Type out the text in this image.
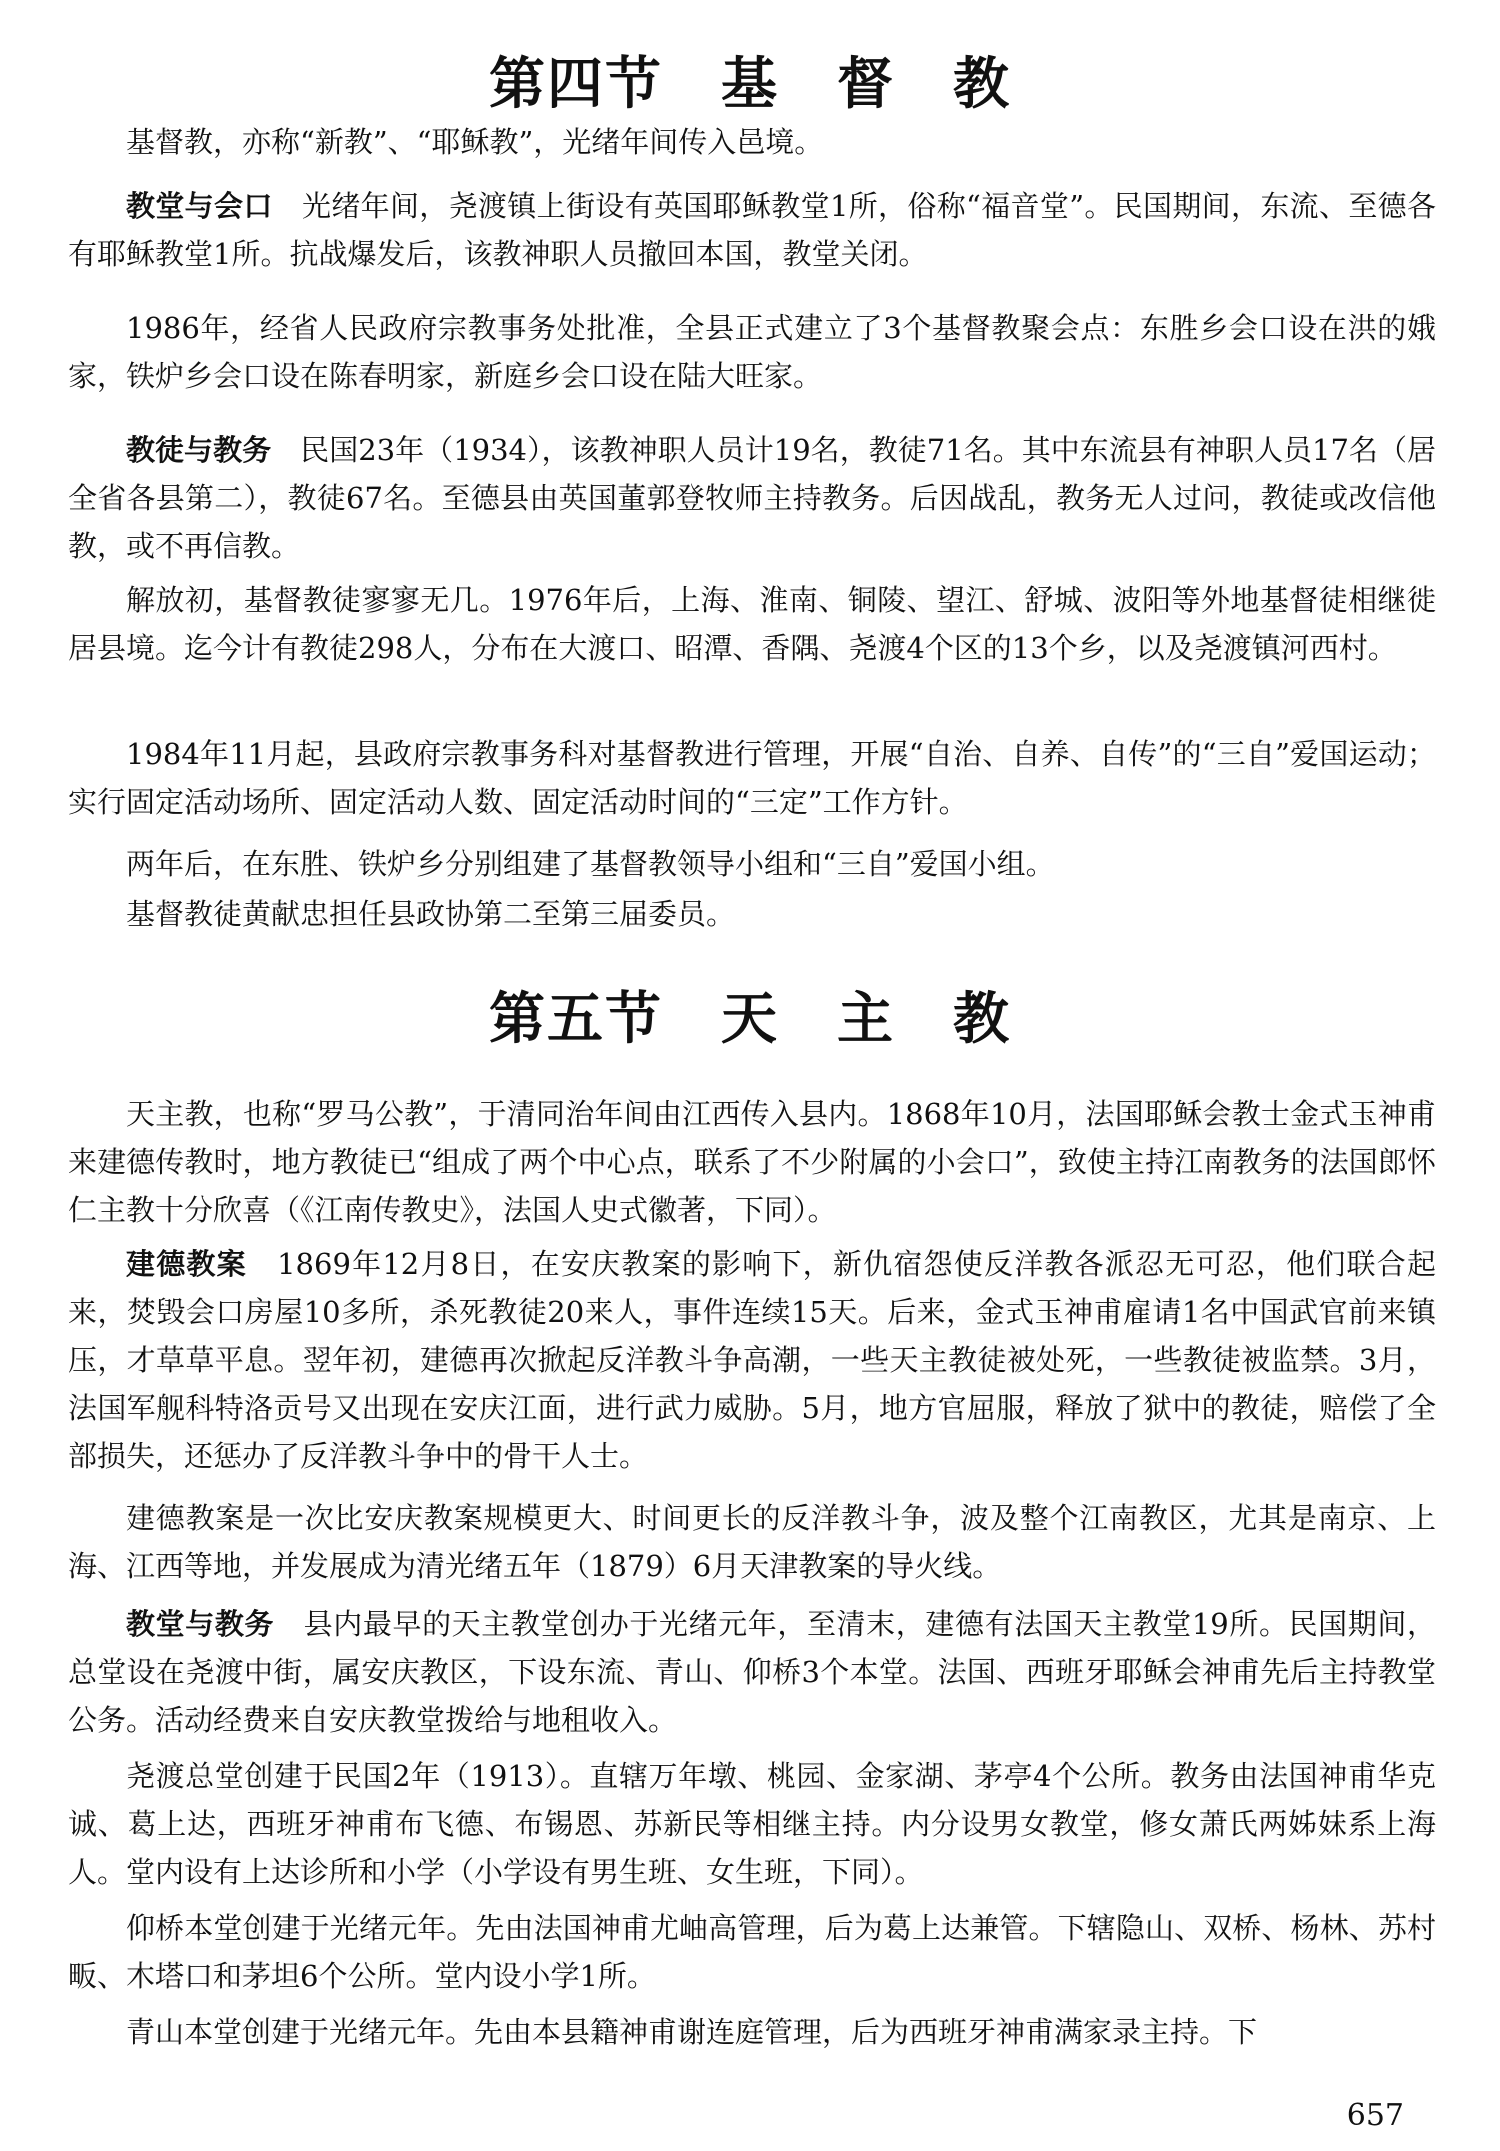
第四节　基　督　教

基督教，亦称“新教”、“耶稣教”，光绪年间传入邑境。

教堂与会口　光绪年间，尧渡镇上街设有英国耶稣教堂1所，俗称“福音堂”。民国期间，东流、至德各有耶稣教堂1所。抗战爆发后，该教神职人员撤回本国，教堂关闭。

1986年，经省人民政府宗教事务处批准，全县正式建立了3个基督教聚会点：东胜乡会口设在洪的娥家，铁炉乡会口设在陈春明家，新庭乡会口设在陆大旺家。

教徒与教务　民国23年（1934），该教神职人员计19名，教徒71名。其中东流县有神职人员17名（居全省各县第二），教徒67名。至德县由英国董郭登牧师主持教务。后因战乱，教务无人过问，教徒或改信他教，或不再信教。

解放初，基督教徒寥寥无几。1976年后，上海、淮南、铜陵、望江、舒城、波阳等外地基督徒相继徙居县境。迄今计有教徒298人，分布在大渡口、昭潭、香隅、尧渡4个区的13个乡，以及尧渡镇河西村。

1984年11月起，县政府宗教事务科对基督教进行管理，开展“自治、自养、自传”的“三自”爱国运动；实行固定活动场所、固定活动人数、固定活动时间的“三定”工作方针。

两年后，在东胜、铁炉乡分别组建了基督教领导小组和“三自”爱国小组。

基督教徒黄献忠担任县政协第二至第三届委员。

第五节　天　主　教

天主教，也称“罗马公教”，于清同治年间由江西传入县内。1868年10月，法国耶稣会教士金式玉神甫来建德传教时，地方教徒已“组成了两个中心点，联系了不少附属的小会口”，致使主持江南教务的法国郎怀仁主教十分欣喜（《江南传教史》，法国人史式徽著，下同）。

建德教案　1869年12月8日，在安庆教案的影响下，新仇宿怨使反洋教各派忍无可忍，他们联合起来，焚毁会口房屋10多所，杀死教徒20来人，事件连续15天。后来，金式玉神甫雇请1名中国武官前来镇压，才草草平息。翌年初，建德再次掀起反洋教斗争高潮，一些天主教徒被处死，一些教徒被监禁。3月，法国军舰科特洛贡号又出现在安庆江面，进行武力威胁。5月，地方官屈服，释放了狱中的教徒，赔偿了全部损失，还惩办了反洋教斗争中的骨干人士。

建德教案是一次比安庆教案规模更大、时间更长的反洋教斗争，波及整个江南教区，尤其是南京、上海、江西等地，并发展成为清光绪五年（1879）6月天津教案的导火线。

教堂与教务　县内最早的天主教堂创办于光绪元年，至清末，建德有法国天主教堂19所。民国期间，总堂设在尧渡中街，属安庆教区，下设东流、青山、仰桥3个本堂。法国、西班牙耶稣会神甫先后主持教堂公务。活动经费来自安庆教堂拨给与地租收入。

尧渡总堂创建于民国2年（1913）。直辖万年墩、桃园、金家湖、茅亭4个公所。教务由法国神甫华克诚、葛上达，西班牙神甫布飞德、布锡恩、苏新民等相继主持。内分设男女教堂，修女萧氏两姊妹系上海人。堂内设有上达诊所和小学（小学设有男生班、女生班，下同）。

仰桥本堂创建于光绪元年。先由法国神甫尤岫高管理，后为葛上达兼管。下辖隐山、双桥、杨林、苏村畈、木塔口和茅坦6个公所。堂内设小学1所。

青山本堂创建于光绪元年。先由本县籍神甫谢连庭管理，后为西班牙神甫满家录主持。下

657
